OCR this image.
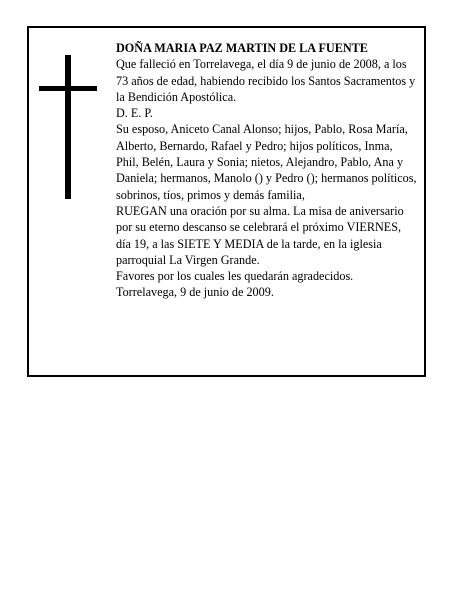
DOÑA MARIA PAZ MARTIN DE LA FUENTE

Que falleció en Torrelavega, el día 9 de junio de 2008, a los 73 años de edad, habiendo recibido los Santos Sacramentos y la Bendición Apostólica.

D. E. P.

Su esposo, Aniceto Canal Alonso; hijos, Pablo, Rosa María, Alberto, Bernardo, Rafael y Pedro; hijos políticos, Inma, Phil, Belén, Laura y Sonia; nietos, Alejandro, Pablo, Ana y Daniela; hermanos, Manolo () y Pedro (); hermanos políticos, sobrinos, tíos, primos y demás familia,

RUEGAN una oración por su alma. La misa de aniversario por su eterno descanso se celebrará el próximo VIERNES, día 19, a las SIETE Y MEDIA de la tarde, en la iglesia parroquial La Virgen Grande.

Favores por los cuales les quedarán agradecidos.

Torrelavega, 9 de junio de 2009.
